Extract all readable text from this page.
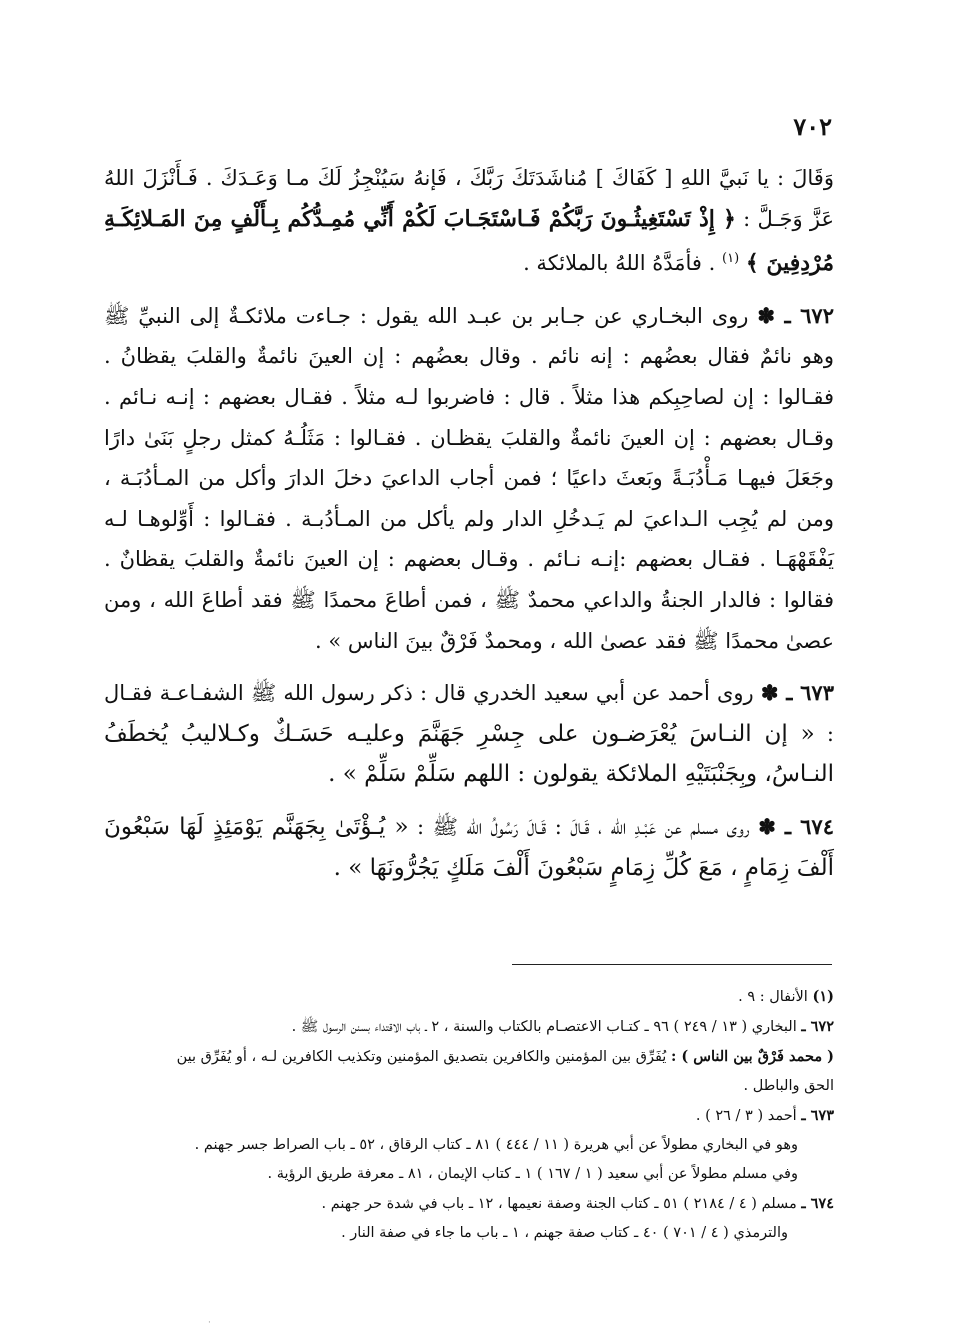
٧٠٢

وَقَالَ : يا نَبيَّ اللهِ [ كَفَاكَ ] مُناشَدَتَكَ رَبَّكَ ، فَإنهُ سَيُنْجِزُ لَكَ مـا وَعَـدَكَ . فَـأَنْزَلَ اللهُ عَزَّ وَجَـلَّ : ﴿ إِذْ تَسْتَغِيثُـونَ رَبَّكُمْ فَـاسْتَجَـابَ لَكُمْ أَنِّي مُمِـدُّكُم بِـأَلْفٍ مِنَ المَـلائِكَـةِ مُرْدِفِينَ ﴾ $^{(١)}$ . فأمَدَّهُ اللهُ بالملائكة .

٦٧٢ ـ ✽ روى البخـاري عن جـابر بن عبـد الله يقول : جـاءت ملائكـةٌ إلى النبيِّ ﷺ وهو نائمٌ فقال بعضُهم : إنه نائم . وقال بعضُهم : إن العينَ نائمةٌ والقلبَ يقظانُ . فقـالوا : إن لصاحِبِكم هذا مثلاً . قال : فاضربوا لـه مثلاً . فقـال بعضهم : إنـه نـائم . وقـال بعضهم : إن العينَ نائمةٌ والقلبَ يقظـان . فقـالوا : مَثَلُـهُ كمثل رجلٍ بَنَىٰ دارًا وجَعَلَ فيهـا مَـأْدُبَـةً وبَعثَ داعيًا ؛ فمن أجاب الداعيَ دخلَ الدارَ وأكل من المـأدُبَـة ، ومن لم يُجِب الـداعيَ لم يَـدخُلِ الدار ولم يأكل من المـأدُبـة . فقـالوا : أَوِّلوهـا لـه يَفْقَهْهَـا . فقـال بعضهم :إنـه نـائم . وقـال بعضهم : إن العينَ نائمةٌ والقلبَ يقظانٌ . فقالوا : فالدار الجنةُ والداعي محمدٌ ﷺ ، فمن أطاعَ محمدًا ﷺ فقد أطاعَ الله ، ومن عصىٰ محمدًا ﷺ فقد عصىٰ الله ، ومحمدٌ فَرْقٌ بينَ الناس » .

٦٧٣ ـ ✽ روى أحمد عن أبي سعيد الخدري قال : ذكر رسول الله ﷺ الشفـاعـة فقـال : « إن النـاسَ يُعْرَضـون على جِسْرِ جَهَنَّمَ وعليـه حَسَـكٌ وكـلاليبُ يُخطَفُ النـاسُ، وبِجَنْبَتَيْهِ الملائكة يقولون : اللهم سَلِّمْ سَلِّمْ » .

٦٧٤ ـ ✽ روى مسلم عن عَبْـدِ الله ، قَـالَ : قَـالَ رَسُولُ الله ﷺ : « يُـؤْتَىٰ بِجَهَنَّم يَوْمَئِذٍ لَهَا سَبْعُونَ أَلْفَ زِمَامٍ ، مَعَ كُلِّ زِمَامٍ سَبْعُونَ أَلْفَ مَلَكٍ يَجُرُّونَهَا » .

(١) الأنفال : ٩ .

٦٧٢ ـ البخاري ( ١٣ / ٢٤٩ ) ٩٦ ـ كتـاب الاعتصـام بالكتاب والسنة ، ٢ ـ باب الاقتداء بسنن الرسول ﷺ .

( محمد فَرْقٌ بين الناس ) : يُفَرِّق بين المؤمنين والكافرين بتصديق المؤمنين وتكذيب الكافرين لـه ، أو يُفَرِّق بين الحق والباطل .

٦٧٣ ـ أحمد ( ٣ / ٢٦ ) .

وهو في البخاري مطولاً عن أبي هريرة ( ١١ / ٤٤٤ ) ٨١ ـ كتاب الرقاق ، ٥٢ ـ باب الصراط جسر جهنم .

وفي مسلم مطولاً عن أبي سعيد ( ١ / ١٦٧ ) ١ ـ كتاب الإيمان ، ٨١ ـ معرفة طريق الرؤية .

٦٧٤ ـ مسلم ( ٤ / ٢١٨٤ ) ٥١ ـ كتاب الجنة وصفة نعيمها ، ١٢ ـ باب في شدة حر جهنم .

والترمذي ( ٤ / ٧٠١ ) ٤٠ ـ كتاب صفة جهنم ، ١ ـ باب ما جاء في صفة النار .

·
